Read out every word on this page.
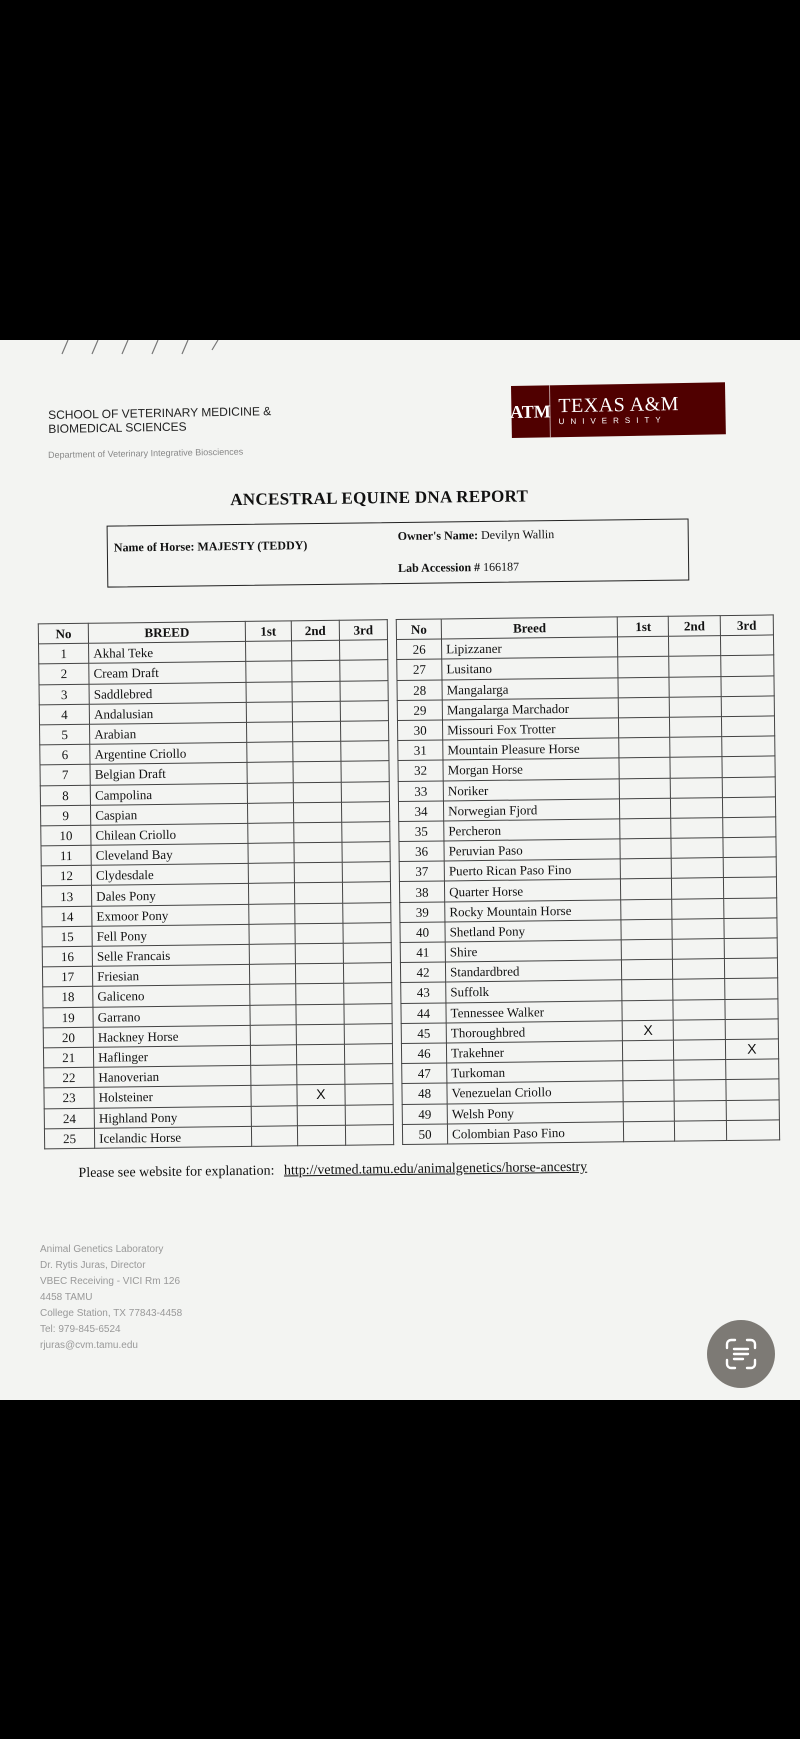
SCHOOL OF VETERINARY MEDICINE &
BIOMEDICAL SCIENCES
Department of Veterinary Integrative Biosciences
ATM TEXAS A&M
UNIVERSITY
ANCESTRAL EQUINE DNA REPORT
Name of Horse: MAJESTY (TEDDY)
Owner's Name: Devilyn Wallin
Lab Accession # 166187
No	BREED	1st	2nd	3rd
1	Akhal Teke			
2	Cream Draft			
3	Saddlebred			
4	Andalusian			
5	Arabian			
6	Argentine Criollo			
7	Belgian Draft			
8	Campolina			
9	Caspian			
10	Chilean Criollo			
11	Cleveland Bay			
12	Clydesdale			
13	Dales Pony			
14	Exmoor Pony			
15	Fell Pony			
16	Selle Francais			
17	Friesian			
18	Galiceno			
19	Garrano			
20	Hackney Horse			
21	Haflinger			
22	Hanoverian			
23	Holsteiner		X	
24	Highland Pony			
25	Icelandic Horse			
No	Breed	1st	2nd	3rd
26	Lipizzaner			
27	Lusitano			
28	Mangalarga			
29	Mangalarga Marchador			
30	Missouri Fox Trotter			
31	Mountain Pleasure Horse			
32	Morgan Horse			
33	Noriker			
34	Norwegian Fjord			
35	Percheron			
36	Peruvian Paso			
37	Puerto Rican Paso Fino			
38	Quarter Horse			
39	Rocky Mountain Horse			
40	Shetland Pony			
41	Shire			
42	Standardbred			
43	Suffolk			
44	Tennessee Walker			
45	Thoroughbred	X		
46	Trakehner			X
47	Turkoman			
48	Venezuelan Criollo			
49	Welsh Pony			
50	Colombian Paso Fino			
Please see website for explanation: http://vetmed.tamu.edu/animalgenetics/horse-ancestry
Animal Genetics Laboratory
Dr. Rytis Juras, Director
VBEC Receiving - VICI Rm 126
4458 TAMU
College Station, TX 77843-4458
Tel: 979-845-6524
rjuras@cvm.tamu.edu
